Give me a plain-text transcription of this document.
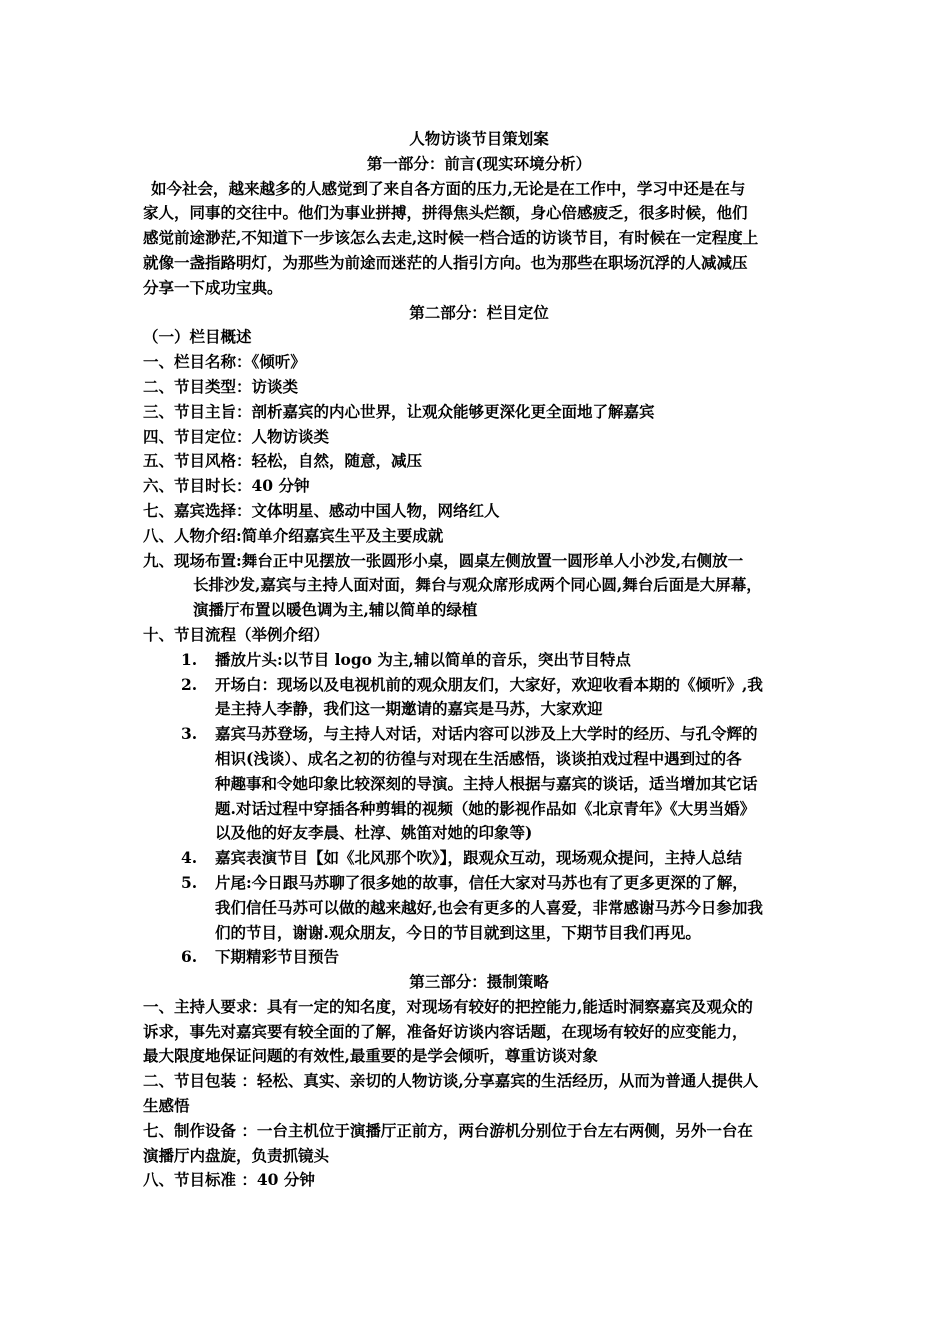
人物访谈节目策划案
第一部分：前言(现实环境分析）
如今社会，越来越多的人感觉到了来自各方面的压力,无论是在工作中，学习中还是在与
家人，同事的交往中。他们为事业拼搏，拼得焦头烂额，身心倍感疲乏，很多时候，他们
感觉前途渺茫,不知道下一步该怎么去走,这时候一档合适的访谈节目，有时候在一定程度上
就像一盏指路明灯，为那些为前途而迷茫的人指引方向。也为那些在职场沉浮的人减减压
分享一下成功宝典。
第二部分：栏目定位
（一）栏目概述
一、栏目名称：《倾听》
二、节目类型：访谈类
三、节目主旨：剖析嘉宾的内心世界，让观众能够更深化更全面地了解嘉宾
四、节目定位：人物访谈类
五、节目风格：轻松，自然，随意，减压
六、节目时长：40 分钟
七、嘉宾选择：文体明星、感动中国人物，网络红人
八、人物介绍:简单介绍嘉宾生平及主要成就
九、现场布置:舞台正中见摆放一张圆形小桌，圆桌左侧放置一圆形单人小沙发,右侧放一
长排沙发,嘉宾与主持人面对面，舞台与观众席形成两个同心圆,舞台后面是大屏幕，
演播厅布置以暖色调为主,辅以简单的绿植
十、节目流程（举例介绍）
1. 播放片头:以节目 logo 为主,辅以简单的音乐，突出节目特点
2. 开场白：现场以及电视机前的观众朋友们，大家好，欢迎收看本期的《倾听》,我
是主持人李静，我们这一期邀请的嘉宾是马苏，大家欢迎
3. 嘉宾马苏登场，与主持人对话，对话内容可以涉及上大学时的经历、与孔令辉的
相识(浅谈）、成名之初的彷徨与对现在生活感悟，谈谈拍戏过程中遇到过的各
种趣事和令她印象比较深刻的导演。主持人根据与嘉宾的谈话，适当增加其它话
题.对话过程中穿插各种剪辑的视频（她的影视作品如《北京青年》《大男当婚》
以及他的好友李晨、杜淳、姚笛对她的印象等)
4. 嘉宾表演节目【如《北风那个吹》】，跟观众互动，现场观众提问，主持人总结
5. 片尾:今日跟马苏聊了很多她的故事，信任大家对马苏也有了更多更深的了解，
我们信任马苏可以做的越来越好,也会有更多的人喜爱，非常感谢马苏今日参加我
们的节目，谢谢.观众朋友，今日的节目就到这里，下期节目我们再见。
6. 下期精彩节目预告
第三部分：摄制策略
一、主持人要求：具有一定的知名度，对现场有较好的把控能力,能适时洞察嘉宾及观众的
诉求，事先对嘉宾要有较全面的了解，准备好访谈内容话题，在现场有较好的应变能力，
最大限度地保证问题的有效性,最重要的是学会倾听，尊重访谈对象
二、节目包装 ：轻松、真实、亲切的人物访谈,分享嘉宾的生活经历，从而为普通人提供人
生感悟
七、制作设备 ：一台主机位于演播厅正前方，两台游机分别位于台左右两侧，另外一台在
演播厅内盘旋，负责抓镜头
八、节目标准 ：40 分钟
